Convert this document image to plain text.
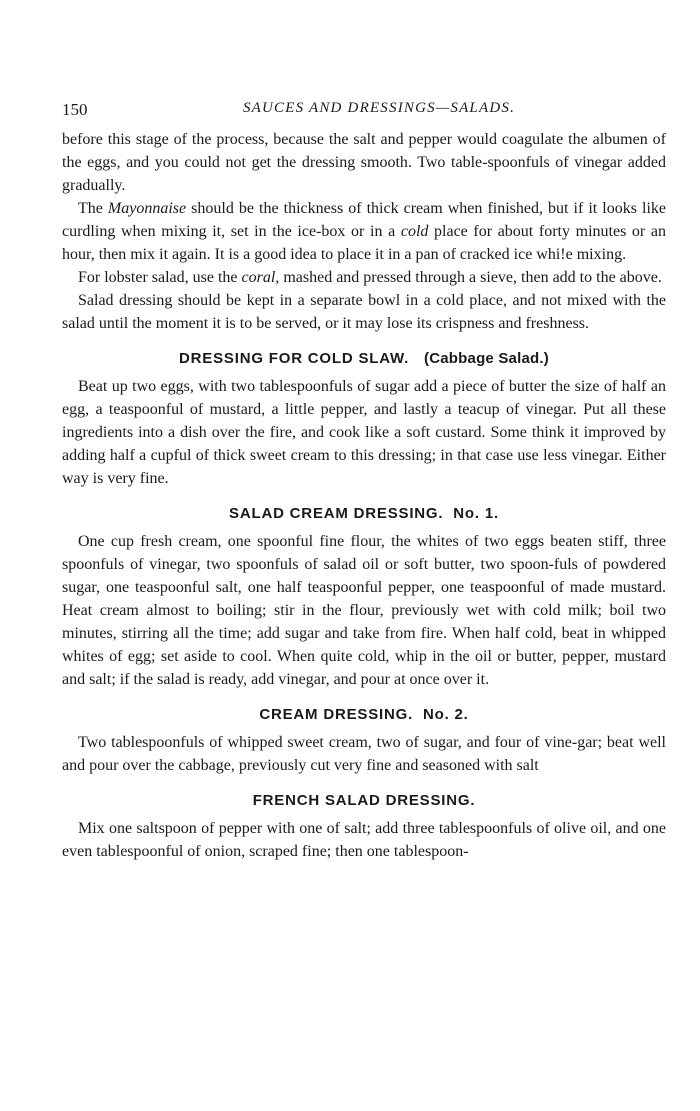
150	SAUCES AND DRESSINGS—SALADS.

before this stage of the process, because the salt and pepper would coagulate the albumen of the eggs, and you could not get the dressing smooth. Two table-spoonfuls of vinegar added gradually.

The Mayonnaise should be the thickness of thick cream when finished, but if it looks like curdling when mixing it, set in the ice-box or in a cold place for about forty minutes or an hour, then mix it again. It is a good idea to place it in a pan of cracked ice whi!e mixing.

For lobster salad, use the coral, mashed and pressed through a sieve, then add to the above.

Salad dressing should be kept in a separate bowl in a cold place, and not mixed with the salad until the moment it is to be served, or it may lose its crispness and freshness.

DRESSING FOR COLD SLAW. (Cabbage Salad.)

Beat up two eggs, with two tablespoonfuls of sugar add a piece of butter the size of half an egg, a teaspoonful of mustard, a little pepper, and lastly a teacup of vinegar. Put all these ingredients into a dish over the fire, and cook like a soft custard. Some think it improved by adding half a cupful of thick sweet cream to this dressing; in that case use less vinegar. Either way is very fine.

SALAD CREAM DRESSING. No. 1.

One cup fresh cream, one spoonful fine flour, the whites of two eggs beaten stiff, three spoonfuls of vinegar, two spoonfuls of salad oil or soft butter, two spoon-fuls of powdered sugar, one teaspoonful salt, one half teaspoonful pepper, one teaspoonful of made mustard. Heat cream almost to boiling; stir in the flour, previously wet with cold milk; boil two minutes, stirring all the time; add sugar and take from fire. When half cold, beat in whipped whites of egg; set aside to cool. When quite cold, whip in the oil or butter, pepper, mustard and salt; if the salad is ready, add vinegar, and pour at once over it.

CREAM DRESSING. No. 2.

Two tablespoonfuls of whipped sweet cream, two of sugar, and four of vine-gar; beat well and pour over the cabbage, previously cut very fine and seasoned with salt

FRENCH SALAD DRESSING.

Mix one saltspoon of pepper with one of salt; add three tablespoonfuls of olive oil, and one even tablespoonful of onion, scraped fine; then one tablespoon-
